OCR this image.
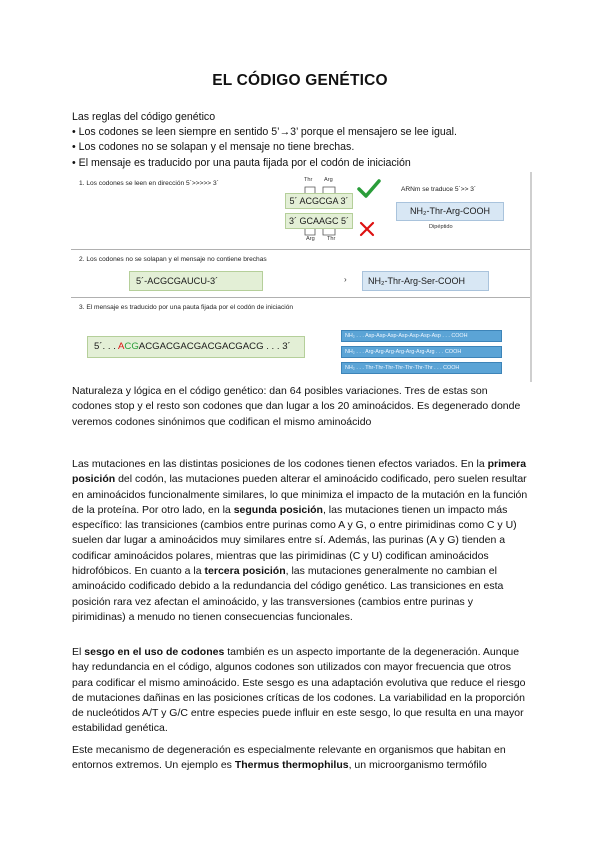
EL CÓDIGO GENÉTICO
Las reglas del código genético
• Los codones se leen siempre en sentido 5’→3’ porque el mensajero se lee igual.
• Los codones no se solapan y el mensaje no tiene brechas.
• El mensaje es traducido por una pauta fijada por el codón de iniciación
1. Los codones se leen en dirección 5´>>>>> 3´	Thr Arg
5´ ACGCGA 3´
3´ GCAAGC 5´
Arg Thr
ARNm se traduce 5´>> 3´
NH₂-Thr-Arg-COOH
Dipéptido
2. Los codones no se solapan y el mensaje no contiene brechas
5´-ACGCGAUCU-3´	›	NH₂-Thr-Arg-Ser-COOH
3. El mensaje es traducido por una pauta fijada por el codón de iniciación
5´. . . ACGACGACGACGACGACGACG . . . 3´
NH₂ . . . Asp-Asp-Asp-Asp-Asp-Asp-Asp . . . COOH
NH₂ . . . Arg-Arg-Arg-Arg-Arg-Arg-Arg . . . COOH
NH₂ . . . Thr-Thr-Thr-Thr-Thr-Thr-Thr . . . COOH
Naturaleza y lógica en el código genético: dan 64 posibles variaciones. Tres de estas son codones stop y el resto son codones que dan lugar a los 20 aminoácidos. Es degenerado donde veremos codones sinónimos que codifican el mismo aminoácido
Las mutaciones en las distintas posiciones de los codones tienen efectos variados. En la primera posición del codón, las mutaciones pueden alterar el aminoácido codificado, pero suelen resultar en aminoácidos funcionalmente similares, lo que minimiza el impacto de la mutación en la función de la proteína. Por otro lado, en la segunda posición, las mutaciones tienen un impacto más específico: las transiciones (cambios entre purinas como A y G, o entre pirimidinas como C y U) suelen dar lugar a aminoácidos muy similares entre sí. Además, las purinas (A y G) tienden a codificar aminoácidos polares, mientras que las pirimidinas (C y U) codifican aminoácidos hidrofóbicos. En cuanto a la tercera posición, las mutaciones generalmente no cambian el aminoácido codificado debido a la redundancia del código genético. Las transiciones en esta posición rara vez afectan el aminoácido, y las transversiones (cambios entre purinas y pirimidinas) a menudo no tienen consecuencias funcionales.
El sesgo en el uso de codones también es un aspecto importante de la degeneración. Aunque hay redundancia en el código, algunos codones son utilizados con mayor frecuencia que otros para codificar el mismo aminoácido. Este sesgo es una adaptación evolutiva que reduce el riesgo de mutaciones dañinas en las posiciones críticas de los codones. La variabilidad en la proporción de nucleótidos A/T y G/C entre especies puede influir en este sesgo, lo que resulta en una mayor estabilidad genética.
Este mecanismo de degeneración es especialmente relevante en organismos que habitan en entornos extremos. Un ejemplo es Thermus thermophilus, un microorganismo termófilo
